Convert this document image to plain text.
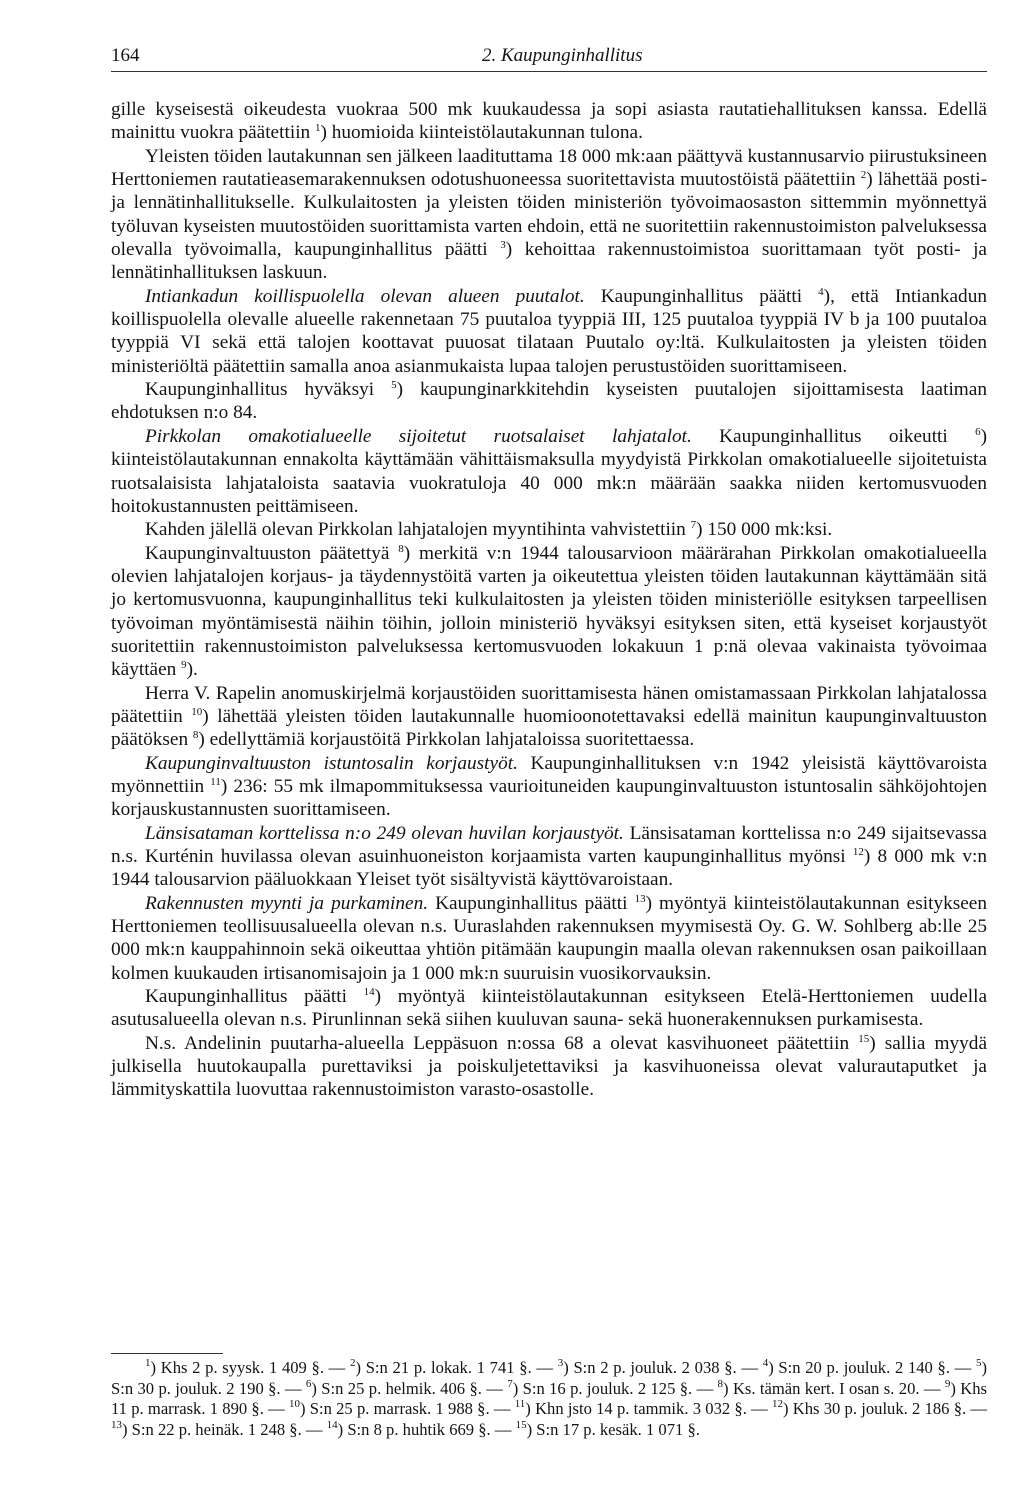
164	2. Kaupunginhallitus

gille kyseisestä oikeudesta vuokraa 500 mk kuukaudessa ja sopi asiasta rautatiehallituksen kanssa. Edellä mainittu vuokra päätettiin $^1$) huomioida kiinteistölautakunnan tulona.

Yleisten töiden lautakunnan sen jälkeen laadituttama 18 000 mk:aan päättyvä kustannusarvio piirustuksineen Herttoniemen rautatieasemarakennuksen odotushuoneessa suoritettavista muutostöistä päätettiin $^2$) lähettää posti- ja lennätinhallitukselle. Kulkulaitosten ja yleisten töiden ministeriön työvoimaosaston sittemmin myönnettyä työluvan kyseisten muutostöiden suorittamista varten ehdoin, että ne suoritettiin rakennustoimiston palveluksessa olevalla työvoimalla, kaupunginhallitus päätti $^3$) kehoittaa rakennustoimistoa suorittamaan työt posti- ja lennätinhallituksen laskuun.

Intiankadun koillispuolella olevan alueen puutalot. Kaupunginhallitus päätti $^4$), että Intiankadun koillispuolella olevalle alueelle rakennetaan 75 puutaloa tyyppiä III, 125 puutaloa tyyppiä IV b ja 100 puutaloa tyyppiä VI sekä että talojen koottavat puuosat tilataan Puutalo oy:ltä. Kulkulaitosten ja yleisten töiden ministeriöltä päätettiin samalla anoa asianmukaista lupaa talojen perustustöiden suorittamiseen.

Kaupunginhallitus hyväksyi $^5$) kaupunginarkkitehdin kyseisten puutalojen sijoittamisesta laatiman ehdotuksen n:o 84.

Pirkkolan omakotialueelle sijoitetut ruotsalaiset lahjatalot. Kaupunginhallitus oikeutti $^6$) kiinteistölautakunnan ennakolta käyttämään vähittäismaksulla myydyistä Pirkkolan omakotialueelle sijoitetuista ruotsalaisista lahjataloista saatavia vuokratuloja 40 000 mk:n määrään saakka niiden kertomusvuoden hoitokustannusten peittämiseen.

Kahden jälellä olevan Pirkkolan lahjatalojen myyntihinta vahvistettiin $^7$) 150 000 mk:ksi.

Kaupunginvaltuuston päätettyä $^8$) merkitä v:n 1944 talousarvioon määrärahan Pirkkolan omakotialueella olevien lahjatalojen korjaus- ja täydennystöitä varten ja oikeutettua yleisten töiden lautakunnan käyttämään sitä jo kertomusvuonna, kaupunginhallitus teki kulkulaitosten ja yleisten töiden ministeriölle esityksen tarpeellisen työvoiman myöntämisestä näihin töihin, jolloin ministeriö hyväksyi esityksen siten, että kyseiset korjaustyöt suoritettiin rakennustoimiston palveluksessa kertomusvuoden lokakuun 1 p:nä olevaa vakinaista työvoimaa käyttäen $^9$).

Herra V. Rapelin anomuskirjelmä korjaustöiden suorittamisesta hänen omistamassaan Pirkkolan lahjatalossa päätettiin $^{10}$) lähettää yleisten töiden lautakunnalle huomioonotettavaksi edellä mainitun kaupunginvaltuuston päätöksen $^8$) edellyttämiä korjaustöitä Pirkkolan lahjataloissa suoritettaessa.

Kaupunginvaltuuston istuntosalin korjaustyöt. Kaupunginhallituksen v:n 1942 yleisistä käyttövaroista myönnettiin $^{11}$) 236: 55 mk ilmapommituksessa vaurioituneiden kaupunginvaltuuston istuntosalin sähköjohtojen korjauskustannusten suorittamiseen.

Länsisataman korttelissa n:o 249 olevan huvilan korjaustyöt. Länsisataman korttelissa n:o 249 sijaitsevassa n.s. Kurténin huvilassa olevan asuinhuoneiston korjaamista varten kaupunginhallitus myönsi $^{12}$) 8 000 mk v:n 1944 talousarvion pääluokkaan Yleiset työt sisältyvistä käyttövaroistaan.

Rakennusten myynti ja purkaminen. Kaupunginhallitus päätti $^{13}$) myöntyä kiinteistölautakunnan esitykseen Herttoniemen teollisuusalueella olevan n.s. Uuraslahden rakennuksen myymisestä Oy. G. W. Sohlberg ab:lle 25 000 mk:n kauppahinnoin sekä oikeuttaa yhtiön pitämään kaupungin maalla olevan rakennuksen osan paikoillaan kolmen kuukauden irtisanomisajoin ja 1 000 mk:n suuruisin vuosikorvauksin.

Kaupunginhallitus päätti $^{14}$) myöntyä kiinteistölautakunnan esitykseen Etelä-Herttoniemen uudella asutusalueella olevan n.s. Pirunlinnan sekä siihen kuuluvan sauna- sekä huonerakennuksen purkamisesta.

N.s. Andelinin puutarha-alueella Leppäsuon n:ossa 68 a olevat kasvihuoneet päätettiin $^{15}$) sallia myydä julkisella huutokaupalla purettaviksi ja poiskuljetettaviksi ja kasvihuoneissa olevat valurautaputket ja lämmityskattila luovuttaa rakennustoimiston varasto-osastolle.

$^1$) Khs 2 p. syysk. 1 409 §. — $^2$) S:n 21 p. lokak. 1 741 §. — $^3$) S:n 2 p. jouluk. 2 038 §. — $^4$) S:n 20 p. jouluk. 2 140 §. — $^5$) S:n 30 p. jouluk. 2 190 §. — $^6$) S:n 25 p. helmik. 406 §. — $^7$) S:n 16 p. jouluk. 2 125 §. — $^8$) Ks. tämän kert. I osan s. 20. — $^9$) Khs 11 p. marrask. 1 890 §. — $^{10}$) S:n 25 p. marrask. 1 988 §. — $^{11}$) Khn jsto 14 p. tammik. 3 032 §. — $^{12}$) Khs 30 p. jouluk. 2 186 §. — $^{13}$) S:n 22 p. heinäk. 1 248 §. — $^{14}$) S:n 8 p. huhtik 669 §. — $^{15}$) S:n 17 p. kesäk. 1 071 §.
